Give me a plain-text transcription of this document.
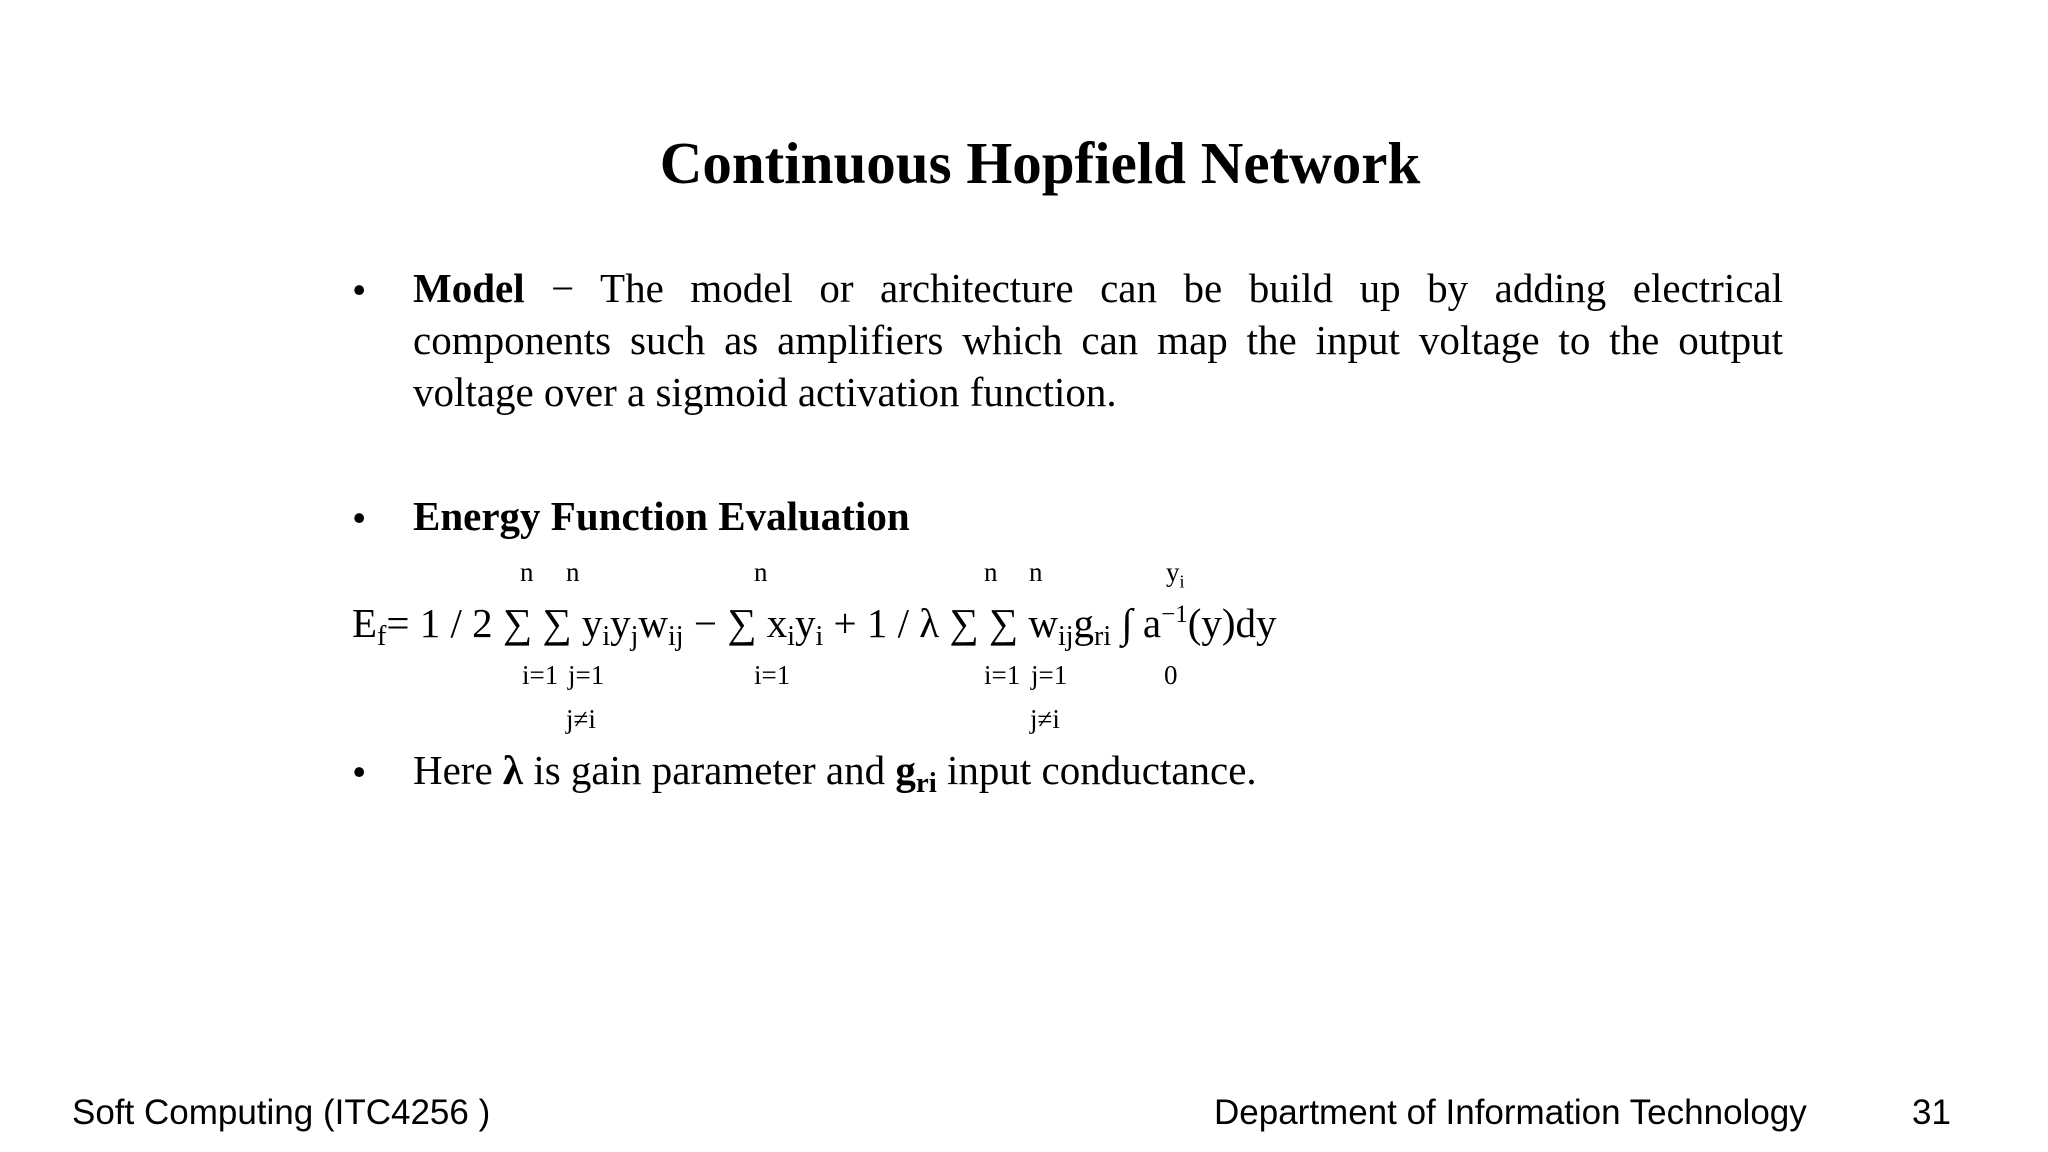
Continuous Hopfield Network
• Model − The model or architecture can be build up by adding electrical components such as amplifiers which can map the input voltage to the output voltage over a sigmoid activation function.
• Energy Function Evaluation
n n	n	n n	$y_i$
$E_f= 1 / 2$ ∑ ∑ $y_iy_jw_{ij}$ − ∑ $x_iy_i + 1 / \lambda$ ∑ ∑ $w_{ij}g_{ri}$ ∫ $a^{-1}(y)dy$
i=1 j=1	i=1	i=1 j=1	0
j≠i	j≠i
• Here λ is gain parameter and $g_{ri}$ input conductance.
Soft Computing (ITC4256 )	Department of Information Technology	31
